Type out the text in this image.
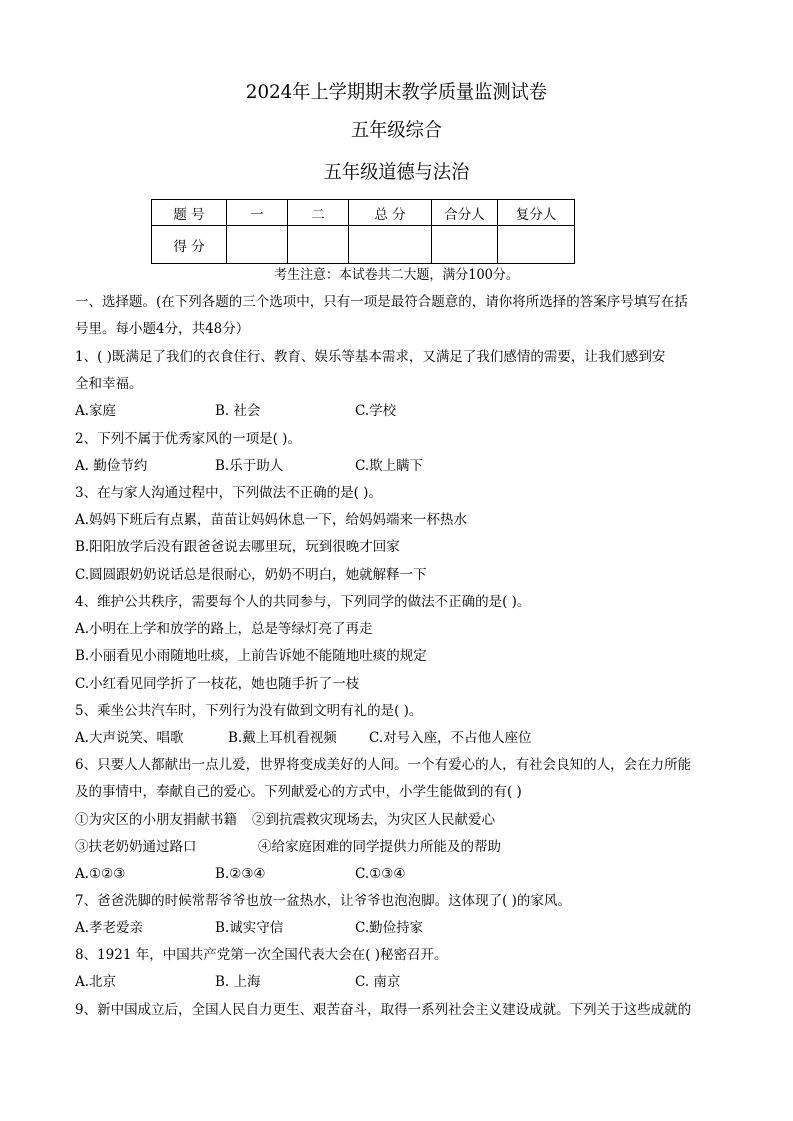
2024年上学期期末教学质量监测试卷
五年级综合
五年级道德与法治
题 号	一	二	总 分	合分人	复分人
得 分					
考生注意：本试卷共二大题，满分100分。
一、选择题。(在下列各题的三个选项中，只有一项是最符合题意的，请你将所选择的答案序号填写在括
号里。每小题4分，共48分）
1、( )既满足了我们的衣食住行、教育、娱乐等基本需求，又满足了我们感情的需要，让我们感到安
全和幸福。
A.家庭	B. 社会	C.学校
2、下列不属于优秀家风的一项是( )。
A. 勤俭节约	B.乐于助人	C.欺上瞒下
3、在与家人沟通过程中，下列做法不正确的是( )。
A.妈妈下班后有点累，苗苗让妈妈休息一下，给妈妈端来一杯热水
B.阳阳放学后没有跟爸爸说去哪里玩，玩到很晚才回家
C.圆圆跟奶奶说话总是很耐心，奶奶不明白，她就解释一下
4、维护公共秩序，需要每个人的共同参与，下列同学的做法不正确的是( )。
A.小明在上学和放学的路上，总是等绿灯亮了再走
B.小丽看见小雨随地吐痰，上前告诉她不能随地吐痰的规定
C.小红看见同学折了一枝花，她也随手折了一枝
5、乘坐公共汽车时，下列行为没有做到文明有礼的是( )。
A.大声说笑、唱歌	B.戴上耳机看视频 C.对号入座，不占他人座位
6、只要人人都献出一点儿爱，世界将变成美好的人间。一个有爱心的人，有社会良知的人，会在力所能
及的事情中，奉献自己的爱心。下列献爱心的方式中，小学生能做到的有( )
①为灾区的小朋友捐献书籍 ②到抗震救灾现场去，为灾区人民献爱心
③扶老奶奶通过路口	④给家庭困难的同学提供力所能及的帮助
A.①②③	B.②③④	C.①③④
7、爸爸洗脚的时候常帮爷爷也放一盆热水，让爷爷也泡泡脚。这体现了( )的家风。
A.孝老爱亲	B.诚实守信	C.勤俭持家
8、1921 年，中国共产党第一次全国代表大会在( )秘密召开。
A.北京	B. 上海	C. 南京
9、新中国成立后，全国人民自力更生、艰苦奋斗，取得一系列社会主义建设成就。下列关于这些成就的
